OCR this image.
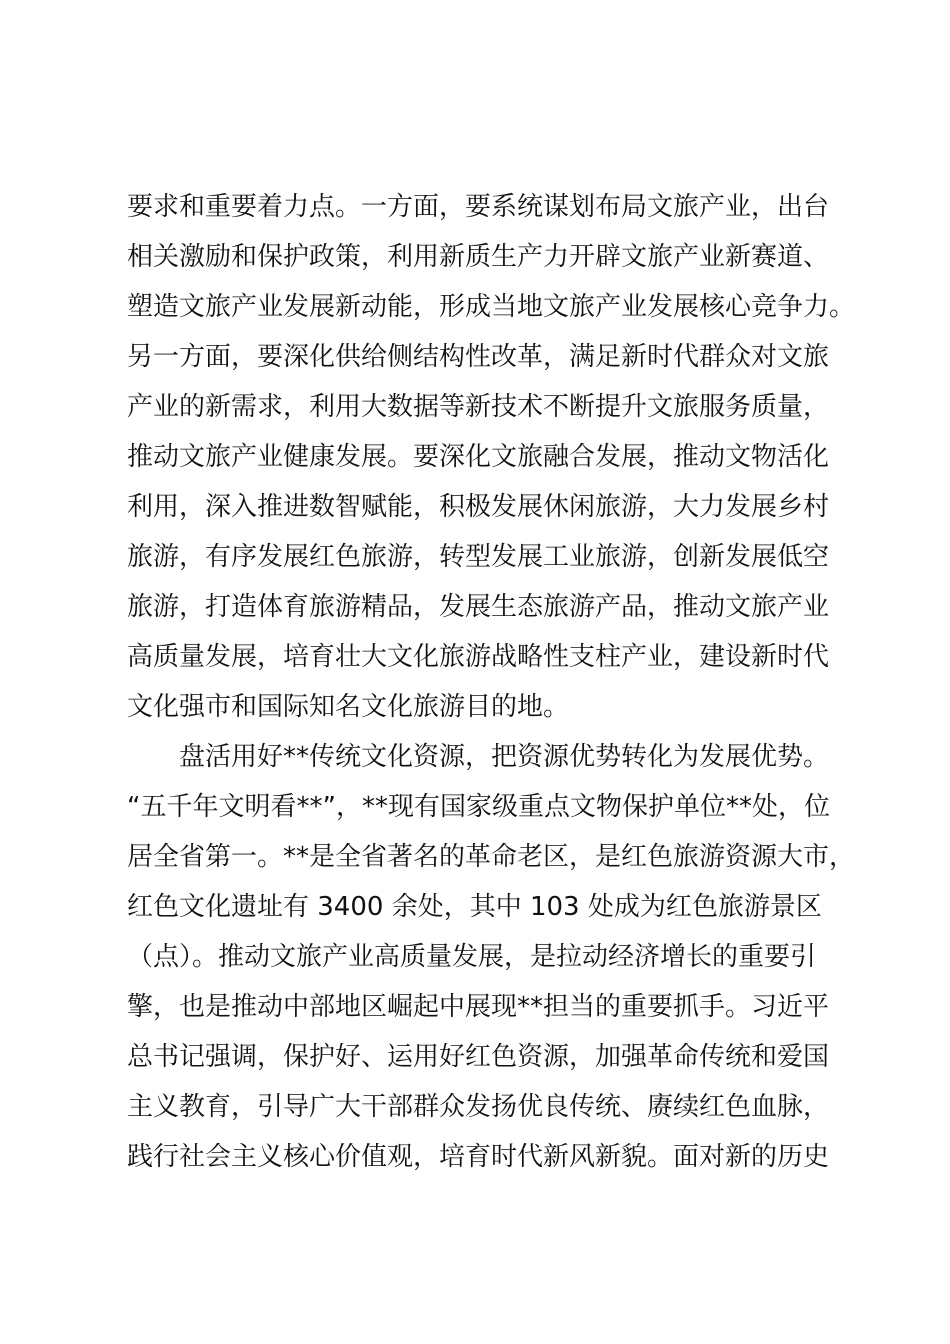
要求和重要着力点。一方面，要系统谋划布局文旅产业，出台
相关激励和保护政策，利用新质生产力开辟文旅产业新赛道、
塑造文旅产业发展新动能，形成当地文旅产业发展核心竞争力。
另一方面，要深化供给侧结构性改革，满足新时代群众对文旅
产业的新需求，利用大数据等新技术不断提升文旅服务质量，
推动文旅产业健康发展。要深化文旅融合发展，推动文物活化
利用，深入推进数智赋能，积极发展休闲旅游，大力发展乡村
旅游，有序发展红色旅游，转型发展工业旅游，创新发展低空
旅游，打造体育旅游精品，发展生态旅游产品，推动文旅产业
高质量发展，培育壮大文化旅游战略性支柱产业，建设新时代
文化强市和国际知名文化旅游目的地。
　　盘活用好**传统文化资源，把资源优势转化为发展优势。
“五千年文明看**”，**现有国家级重点文物保护单位**处，位
居全省第一。**是全省著名的革命老区，是红色旅游资源大市，
红色文化遗址有 3400 余处，其中 103 处成为红色旅游景区
（点）。推动文旅产业高质量发展，是拉动经济增长的重要引
擎，也是推动中部地区崛起中展现**担当的重要抓手。习近平
总书记强调，保护好、运用好红色资源，加强革命传统和爱国
主义教育，引导广大干部群众发扬优良传统、赓续红色血脉，
践行社会主义核心价值观，培育时代新风新貌。面对新的历史
